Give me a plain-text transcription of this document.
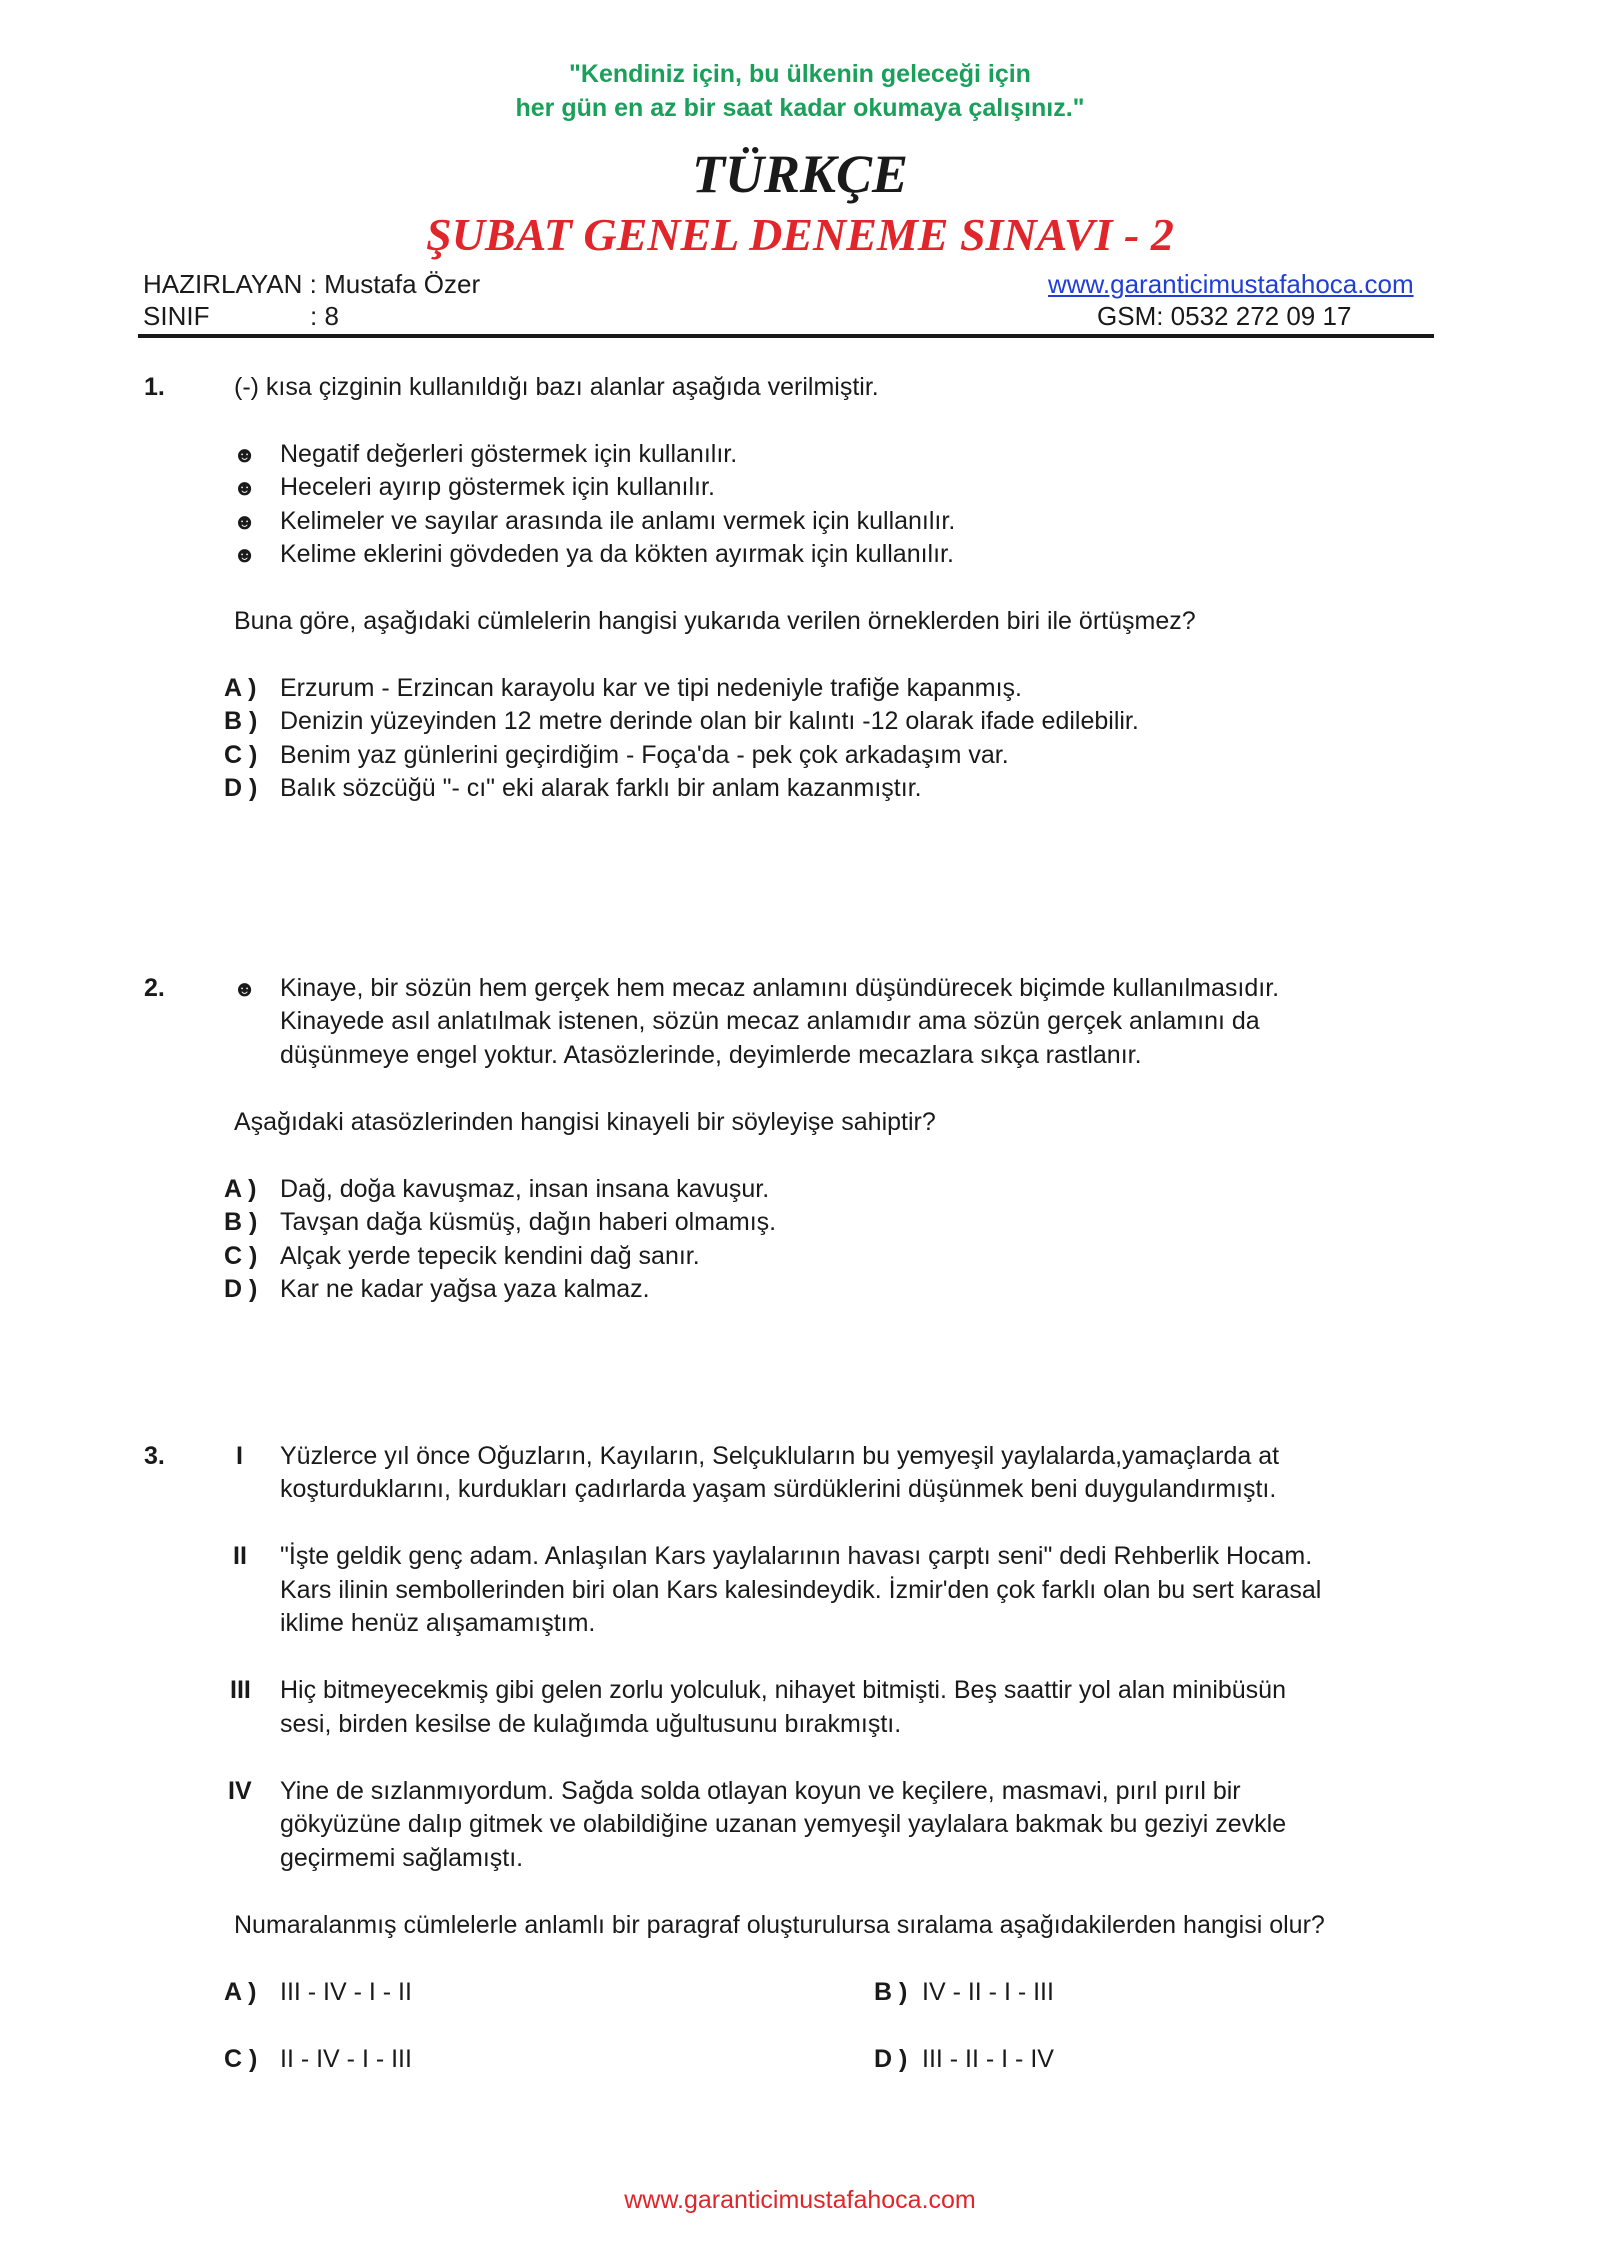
"Kendiniz için, bu ülkenin geleceği için
her gün en az bir saat kadar okumaya çalışınız."
TÜRKÇE
ŞUBAT GENEL DENEME SINAVI - 2
HAZIRLAYAN : Mustafa Özer	www.garanticimustafahoca.com
SINIF	: 8	GSM: 0532 272 09 17
1.	(-) kısa çizginin kullanıldığı bazı alanlar aşağıda verilmiştir.
☻ Negatif değerleri göstermek için kullanılır.
☻ Heceleri ayırıp göstermek için kullanılır.
☻ Kelimeler ve sayılar arasında ile anlamı vermek için kullanılır.
☻ Kelime eklerini gövdeden ya da kökten ayırmak için kullanılır.
Buna göre, aşağıdaki cümlelerin hangisi yukarıda verilen örneklerden biri ile örtüşmez?
A ) Erzurum - Erzincan karayolu kar ve tipi nedeniyle trafiğe kapanmış.
B ) Denizin yüzeyinden 12 metre derinde olan bir kalıntı -12 olarak ifade edilebilir.
C ) Benim yaz günlerini geçirdiğim - Foça'da - pek çok arkadaşım var.
D ) Balık sözcüğü "- cı" eki alarak farklı bir anlam kazanmıştır.
2.	☻ Kinaye, bir sözün hem gerçek hem mecaz anlamını düşündürecek biçimde kullanılmasıdır.
Kinayede asıl anlatılmak istenen, sözün mecaz anlamıdır ama sözün gerçek anlamını da
düşünmeye engel yoktur. Atasözlerinde, deyimlerde mecazlara sıkça rastlanır.
Aşağıdaki atasözlerinden hangisi kinayeli bir söyleyişe sahiptir?
A ) Dağ, doğa kavuşmaz, insan insana kavuşur.
B ) Tavşan dağa küsmüş, dağın haberi olmamış.
C ) Alçak yerde tepecik kendini dağ sanır.
D ) Kar ne kadar yağsa yaza kalmaz.
3.	I Yüzlerce yıl önce Oğuzların, Kayıların, Selçukluların bu yemyeşil yaylalarda,yamaçlarda at
koşturduklarını, kurdukları çadırlarda yaşam sürdüklerini düşünmek beni duygulandırmıştı.
II "İşte geldik genç adam. Anlaşılan Kars yaylalarının havası çarptı seni" dedi Rehberlik Hocam.
Kars ilinin sembollerinden biri olan Kars kalesindeydik. İzmir'den çok farklı olan bu sert karasal
iklime henüz alışamamıştım.
III Hiç bitmeyecekmiş gibi gelen zorlu yolculuk, nihayet bitmişti. Beş saattir yol alan minibüsün
sesi, birden kesilse de kulağımda uğultusunu bırakmıştı.
IV Yine de sızlanmıyordum. Sağda solda otlayan koyun ve keçilere, masmavi, pırıl pırıl bir
gökyüzüne dalıp gitmek ve olabildiğine uzanan yemyeşil yaylalara bakmak bu geziyi zevkle
geçirmemi sağlamıştı.
Numaralanmış cümlelerle anlamlı bir paragraf oluşturulursa sıralama aşağıdakilerden hangisi olur?
A ) III - IV - I - II	B ) IV - II - I - III
C ) II - IV - I - III	D ) III - II - I - IV
www.garanticimustafahoca.com
